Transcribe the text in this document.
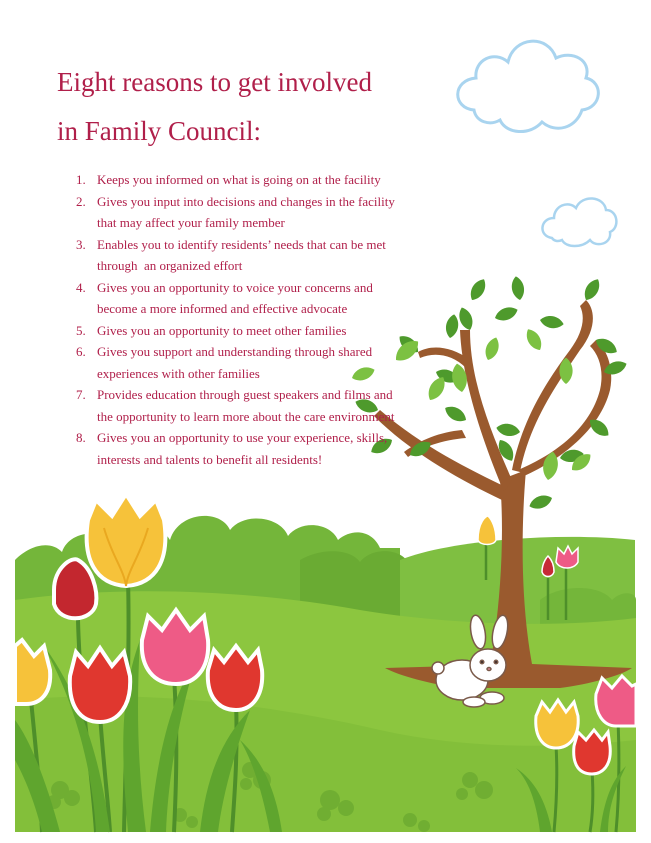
Eight reasons to get involved
in Family Council:
1. Keeps you informed on what is going on at the facility
2. Gives you input into decisions and changes in the facility
that may affect your family member
3. Enables you to identify residents’ needs that can be met
through  an organized effort
4. Gives you an opportunity to voice your concerns and
become a more informed and effective advocate
5. Gives you an opportunity to meet other families
6. Gives you support and understanding through shared
experiences with other families
7. Provides education through guest speakers and films and
the opportunity to learn more about the care environment
8. Gives you an opportunity to use your experience, skills,
interests and talents to benefit all residents!
